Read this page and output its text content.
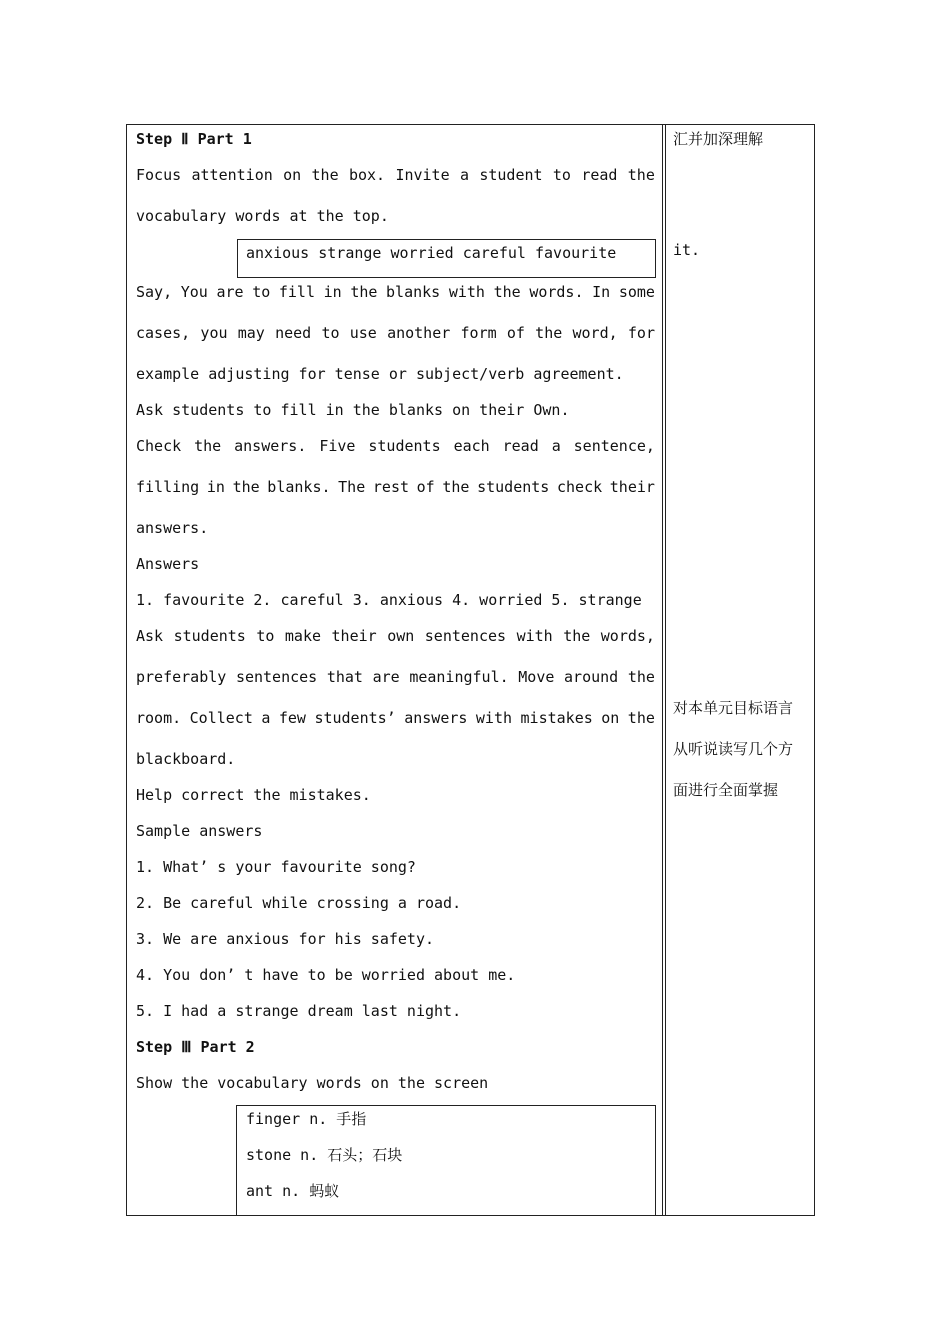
Step Ⅱ Part 1
Focus attention on the box. Invite a student to read the
vocabulary words at the top.
anxious strange worried careful favourite
Say, You are to fill in the blanks with the words. In some
cases, you may need to use another form of the word, for
example adjusting for tense or subject/verb agreement.
Ask students to fill in the blanks on their Own.
Check the answers. Five students each read a sentence,
filling in the blanks. The rest of the students check their
answers.
Answers
1. favourite 2. careful 3. anxious 4. worried 5. strange
Ask students to make their own sentences with the words,
preferably sentences that are meaningful. Move around the
room. Collect a few students’ answers with mistakes on the
blackboard.
Help correct the mistakes.
Sample answers
1. What’ s your favourite song?
2. Be careful while crossing a road.
3. We are anxious for his safety.
4. You don’ t have to be worried about me.
5. I had a strange dream last night.
Step Ⅲ Part 2
Show the vocabulary words on the screen
finger n. 手指
stone n. 石头；石块
ant n. 蚂蚁
汇并加深理解
it.
对本单元目标语言
从听说读写几个方
面进行全面掌握
